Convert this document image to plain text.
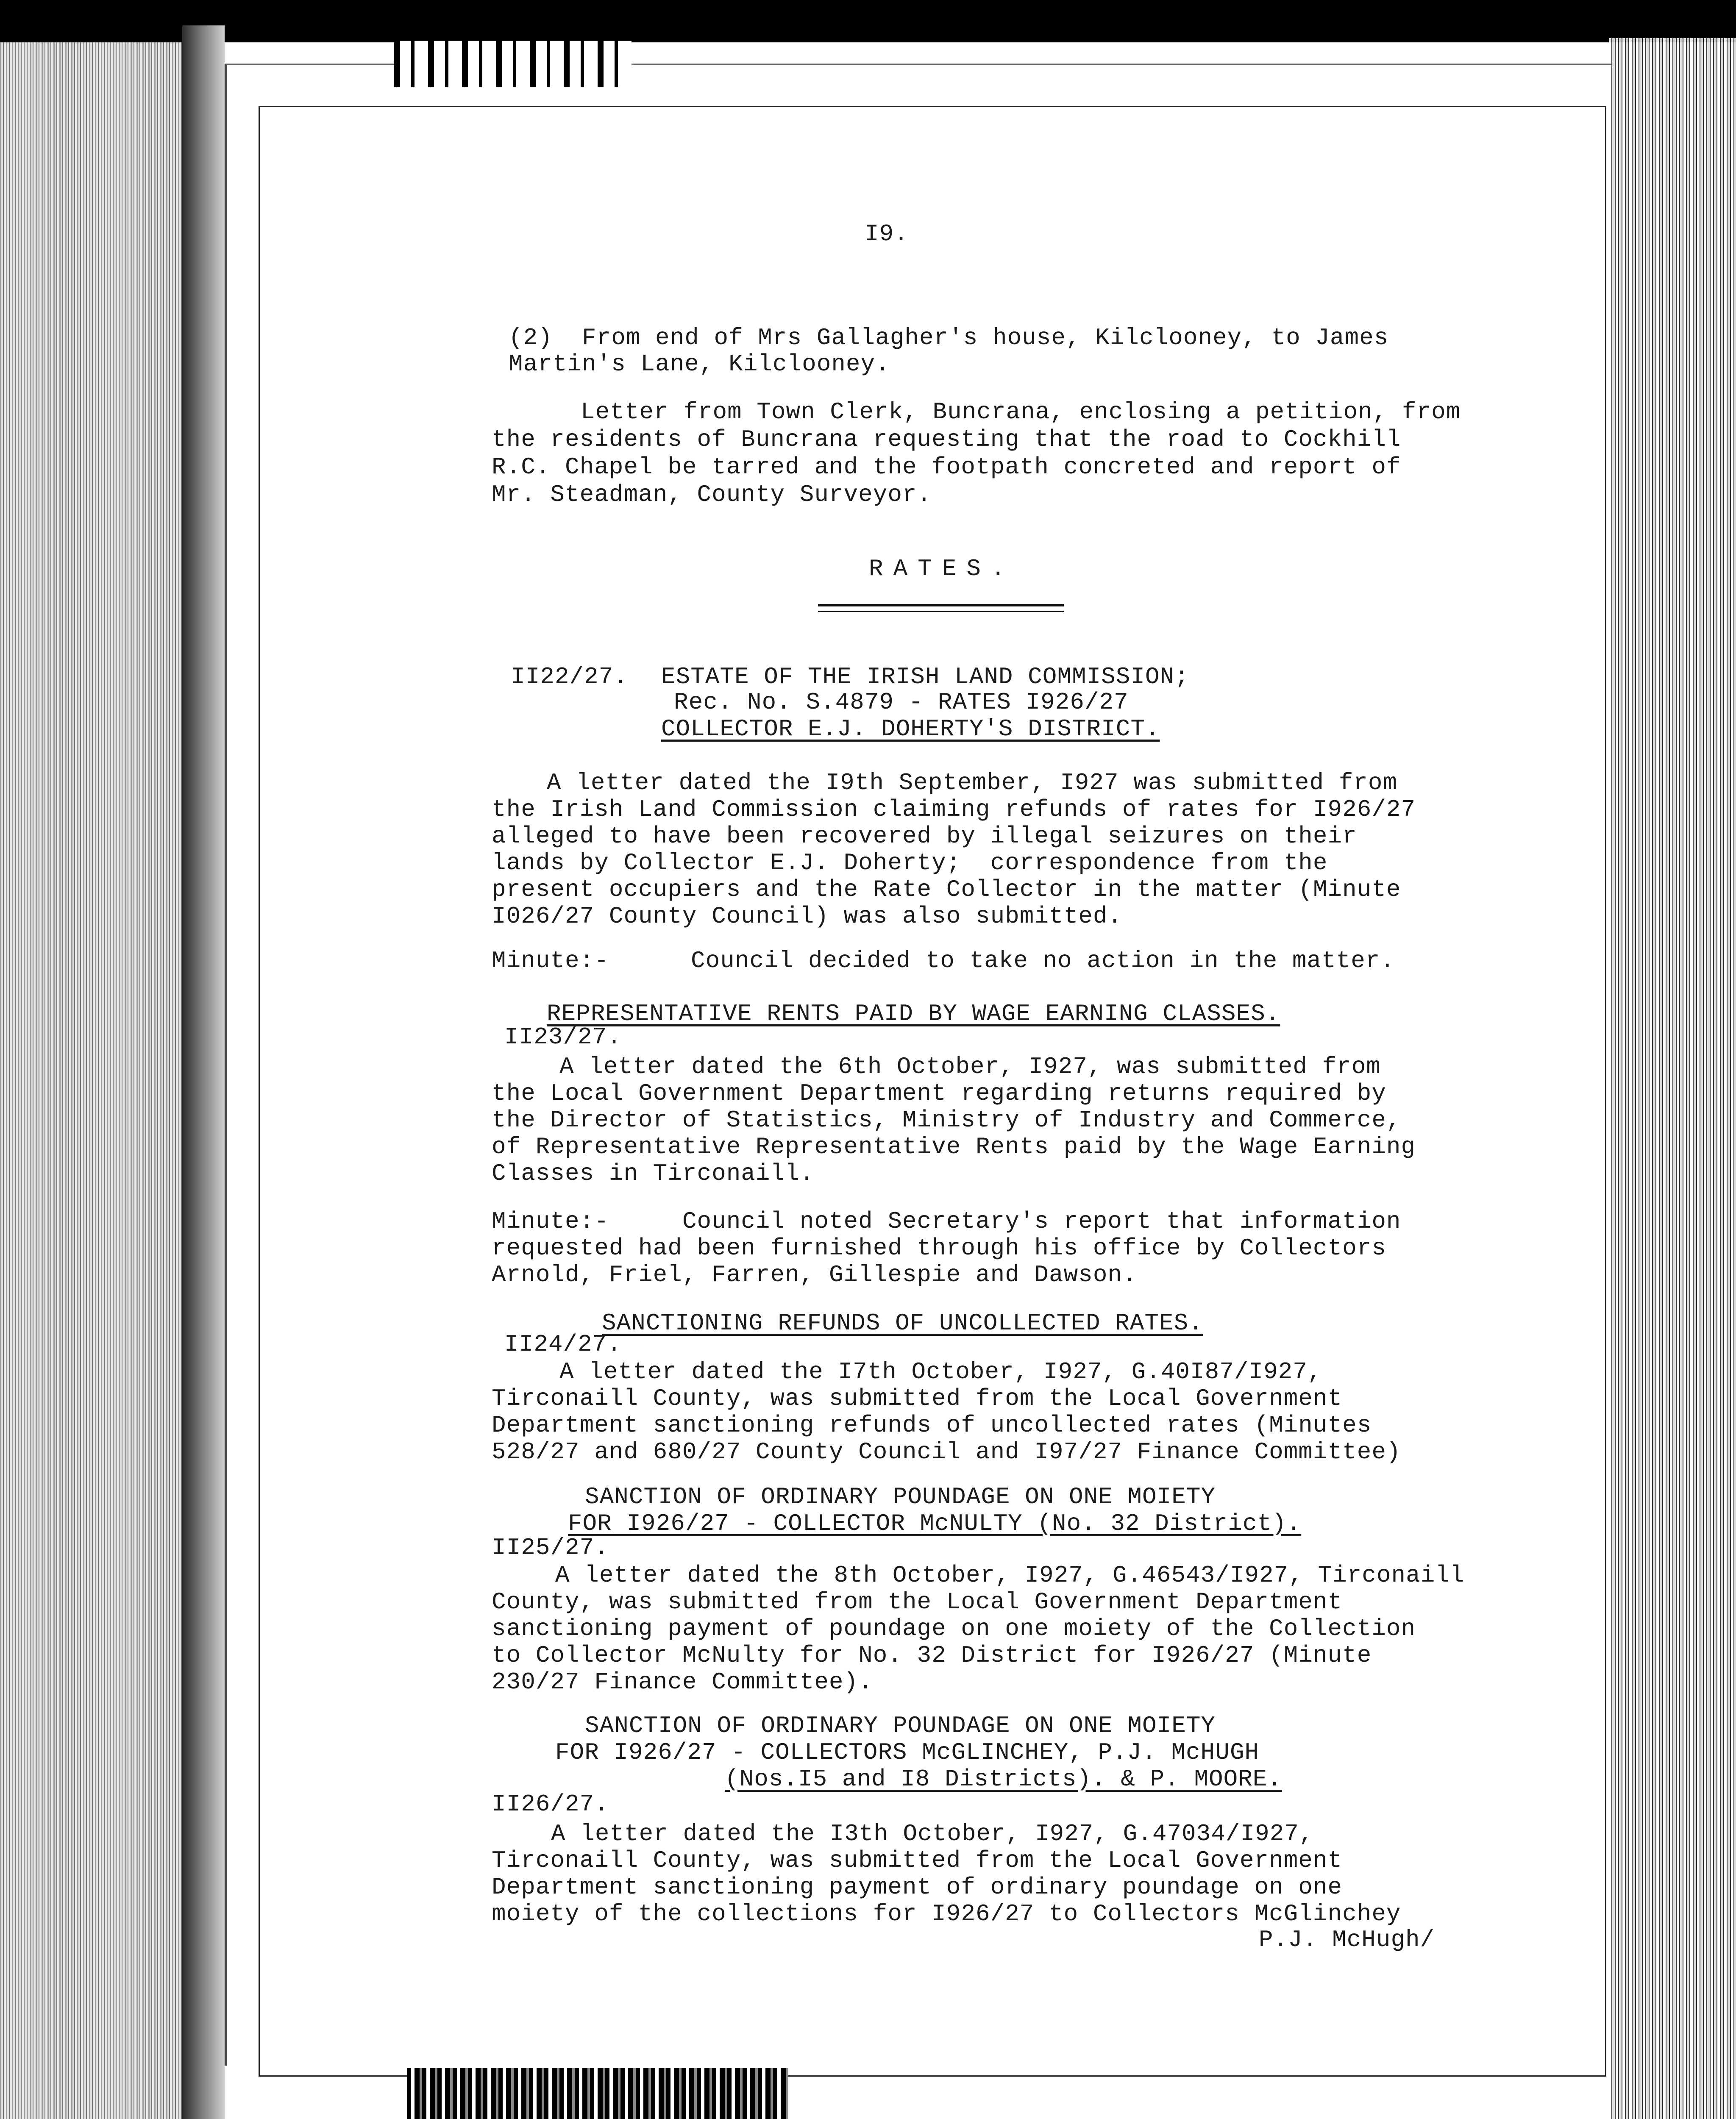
I9.
(2)  From end of Mrs Gallagher's house, Kilclooney, to James
Martin's Lane, Kilclooney.
Letter from Town Clerk, Buncrana, enclosing a petition, from
the residents of Buncrana requesting that the road to Cockhill
R.C. Chapel be tarred and the footpath concreted and report of
Mr. Steadman, County Surveyor.
RATES.
II22/27. ESTATE OF THE IRISH LAND COMMISSION;
Rec. No. S.4879 - RATES I926/27
COLLECTOR E.J. DOHERTY'S DISTRICT.
A letter dated the I9th September, I927 was submitted from
the Irish Land Commission claiming refunds of rates for I926/27
alleged to have been recovered by illegal seizures on their
lands by Collector E.J. Doherty;  correspondence from the
present occupiers and the Rate Collector in the matter (Minute
I026/27 County Council) was also submitted.
Minute:-	Council decided to take no action in the matter.
REPRESENTATIVE RENTS PAID BY WAGE EARNING CLASSES.
II23/27.
A letter dated the 6th October, I927, was submitted from
the Local Government Department regarding returns required by
the Director of Statistics, Ministry of Industry and Commerce,
of Representative Representative Rents paid by the Wage Earning
Classes in Tirconaill.
Minute:-     Council noted Secretary's report that information
requested had been furnished through his office by Collectors
Arnold, Friel, Farren, Gillespie and Dawson.
SANCTIONING REFUNDS OF UNCOLLECTED RATES.
II24/27.
A letter dated the I7th October, I927, G.40I87/I927,
Tirconaill County, was submitted from the Local Government
Department sanctioning refunds of uncollected rates (Minutes
528/27 and 680/27 County Council and I97/27 Finance Committee)
SANCTION OF ORDINARY POUNDAGE ON ONE MOIETY
FOR I926/27 - COLLECTOR McNULTY (No. 32 District).
II25/27.
A letter dated the 8th October, I927, G.46543/I927, Tirconaill
County, was submitted from the Local Government Department
sanctioning payment of poundage on one moiety of the Collection
to Collector McNulty for No. 32 District for I926/27 (Minute
230/27 Finance Committee).
SANCTION OF ORDINARY POUNDAGE ON ONE MOIETY
FOR I926/27 - COLLECTORS McGLINCHEY, P.J. McHUGH
(Nos.I5 and I8 Districts). & P. MOORE.
II26/27.
A letter dated the I3th October, I927, G.47034/I927,
Tirconaill County, was submitted from the Local Government
Department sanctioning payment of ordinary poundage on one
moiety of the collections for I926/27 to Collectors McGlinchey
P.J. McHugh/
